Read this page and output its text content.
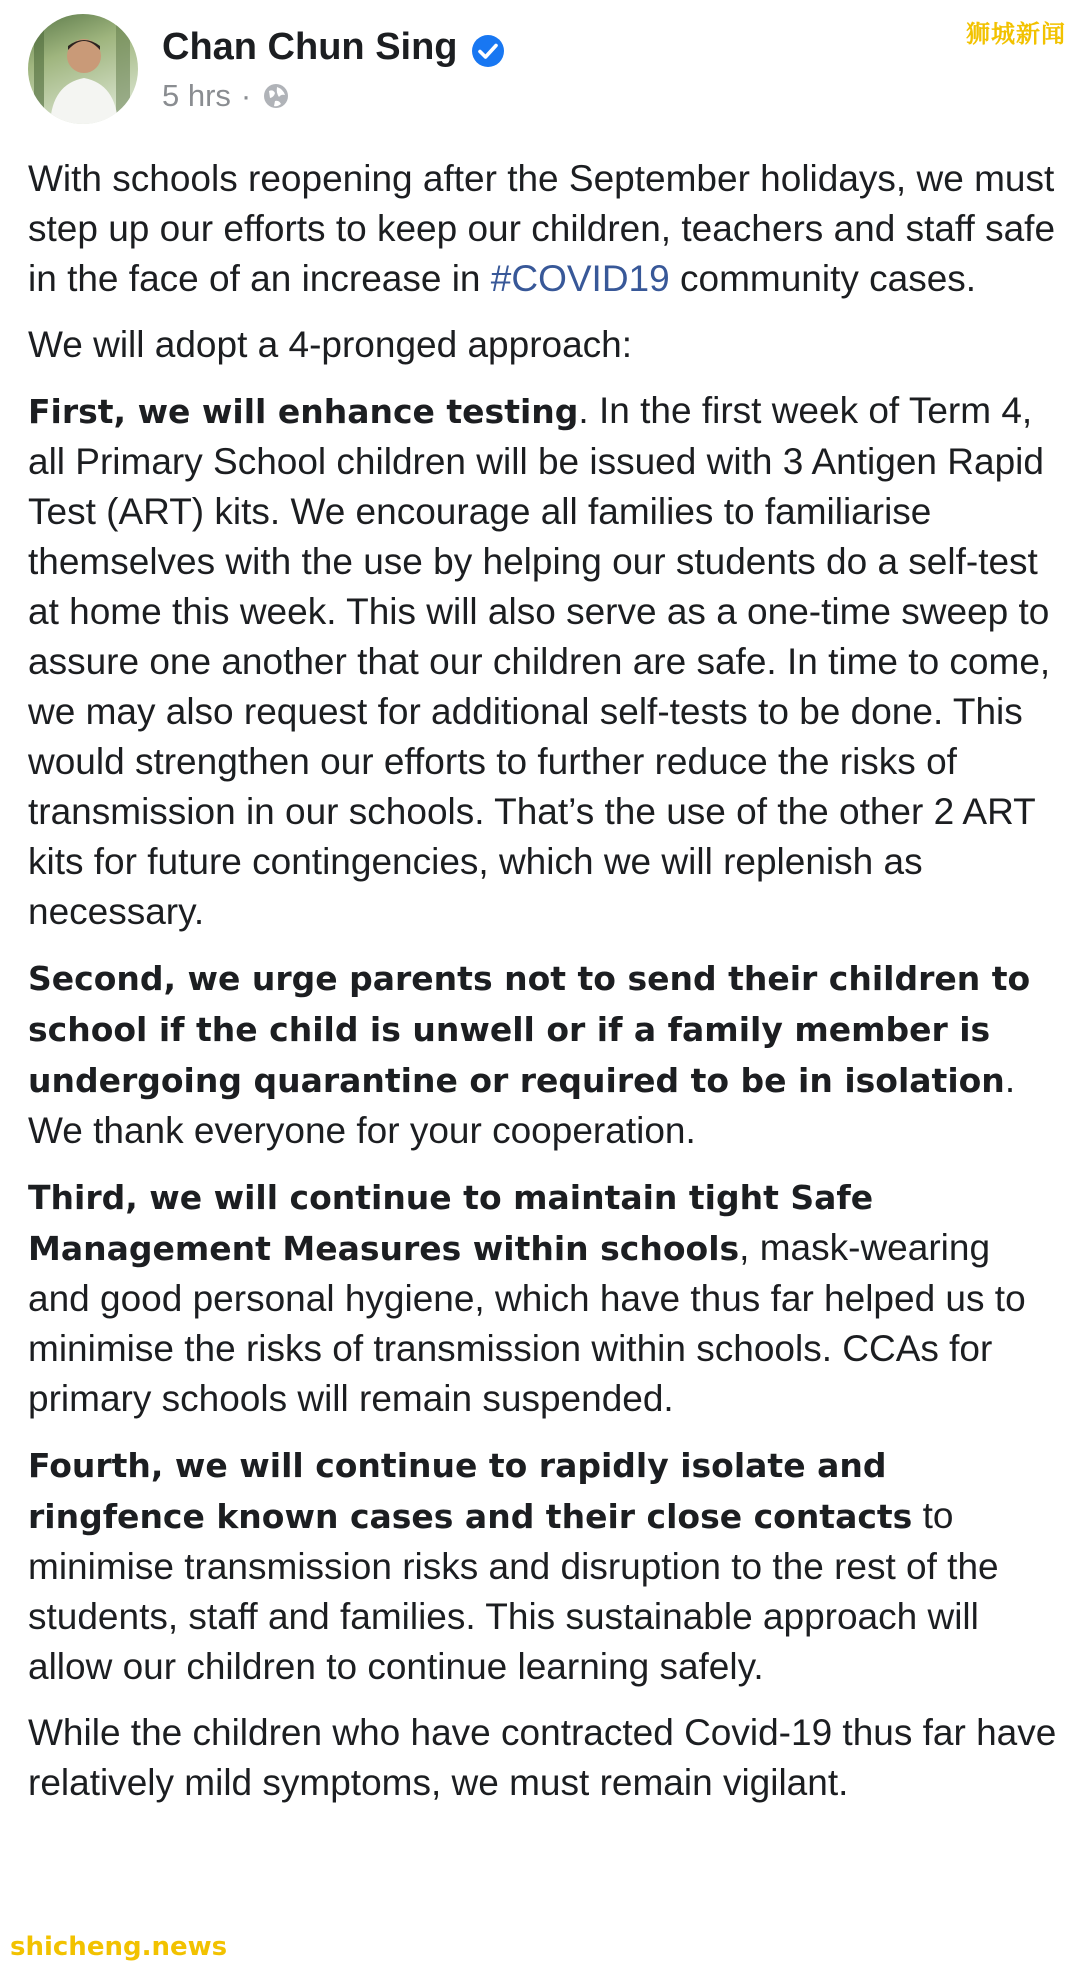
Chan Chun Sing
5 hrs ·
狮城新闻

With schools reopening after the September holidays, we must step up our efforts to keep our children, teachers and staff safe in the face of an increase in #COVID19 community cases.

We will adopt a 4-pronged approach:

First, we will enhance testing. In the first week of Term 4, all Primary School children will be issued with 3 Antigen Rapid Test (ART) kits. We encourage all families to familiarise themselves with the use by helping our students do a self-test at home this week. This will also serve as a one-time sweep to assure one another that our children are safe. In time to come, we may also request for additional self-tests to be done. This would strengthen our efforts to further reduce the risks of transmission in our schools. That’s the use of the other 2 ART kits for future contingencies, which we will replenish as necessary.

Second, we urge parents not to send their children to school if the child is unwell or if a family member is undergoing quarantine or required to be in isolation. We thank everyone for your cooperation.

Third, we will continue to maintain tight Safe Management Measures within schools, mask-wearing and good personal hygiene, which have thus far helped us to minimise the risks of transmission within schools. CCAs for primary schools will remain suspended.

Fourth, we will continue to rapidly isolate and ringfence known cases and their close contacts to minimise transmission risks and disruption to the rest of the students, staff and families. This sustainable approach will allow our children to continue learning safely.

While the children who have contracted Covid-19 thus far have relatively mild symptoms, we must remain vigilant.

shicheng.news
